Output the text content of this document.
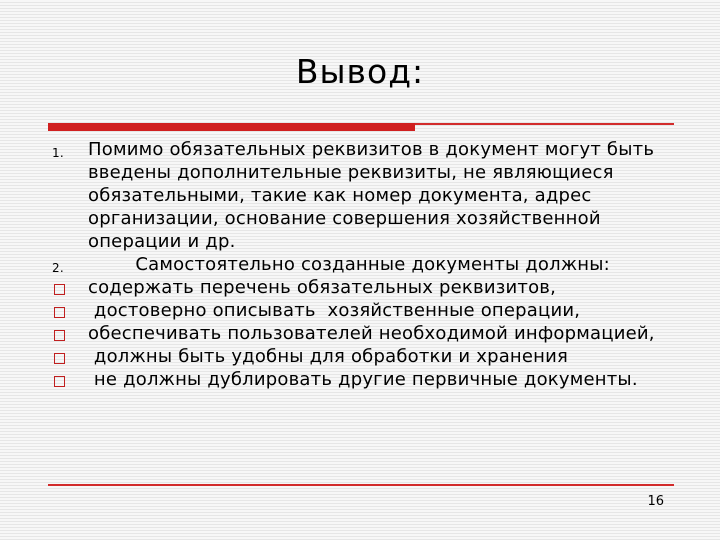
Вывод:
1.	Помимо обязательных реквизитов в документ могут быть введены дополнительные реквизиты, не являющиеся обязательными, такие как номер документа, адрес организации, основание совершения хозяйственной операции и др.
2.	Самостоятельно созданные документы должны:
содержать перечень обязательных реквизитов,
достоверно описывать  хозяйственные операции,
обеспечивать пользователей необходимой информацией,
должны быть удобны для обработки и хранения
не должны дублировать другие первичные документы.
16
